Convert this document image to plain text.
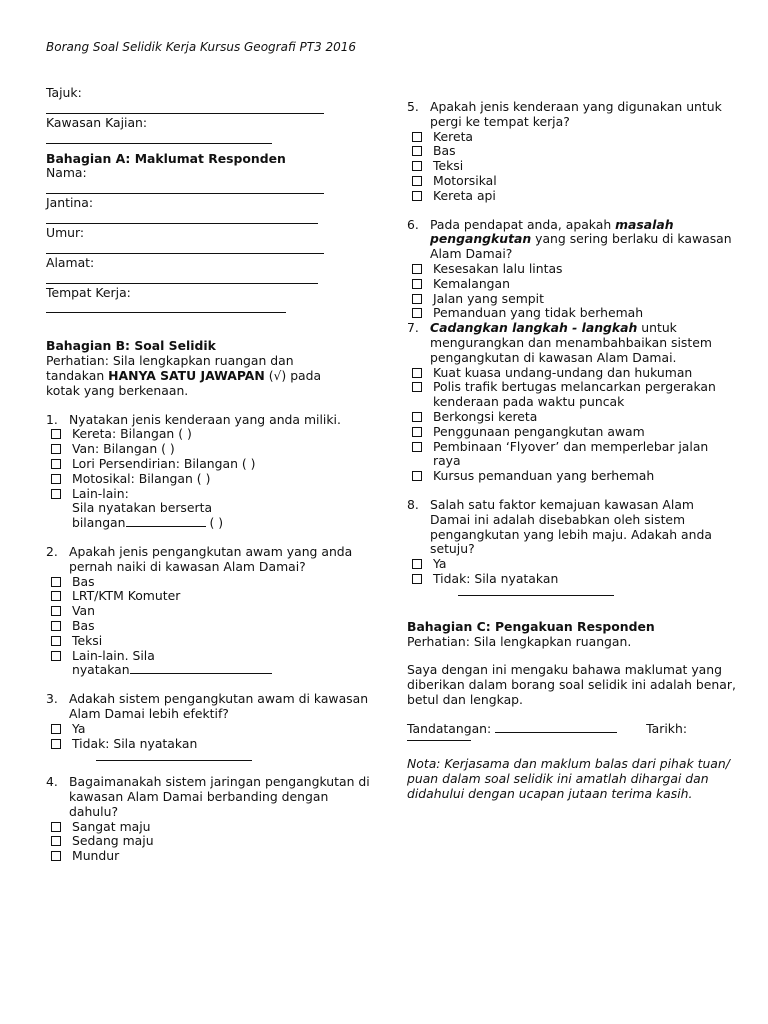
Borang Soal Selidik Kerja Kursus Geografi PT3 2016
Tajuk:
Kawasan Kajian:
Bahagian A: Maklumat Responden
Nama:
Jantina:
Umur:
Alamat:
Tempat Kerja:
Bahagian B: Soal Selidik
Perhatian: Sila lengkapkan ruangan dan
tandakan HANYA SATU JAWAPAN (√) pada
kotak yang berkenaan.
1. Nyatakan jenis kenderaan yang anda miliki.
Kereta: Bilangan ( )
Van: Bilangan ( )
Lori Persendirian: Bilangan ( )
Motosikal: Bilangan ( )
Lain-lain:
Sila nyatakan berserta
bilangan	( )
2. Apakah jenis pengangkutan awam yang anda pernah naiki di kawasan Alam Damai?
Bas
LRT/KTM Komuter
Van
Bas
Teksi
Lain-lain. Sila
nyatakan
3. Adakah sistem pengangkutan awam di kawasan Alam Damai lebih efektif?
Ya
Tidak: Sila nyatakan
4. Bagaimanakah sistem jaringan pengangkutan di kawasan Alam Damai berbanding dengan dahulu?
Sangat maju
Sedang maju
Mundur
5. Apakah jenis kenderaan yang digunakan untuk pergi ke tempat kerja?
Kereta
Bas
Teksi
Motorsikal
Kereta api
6. Pada pendapat anda, apakah masalah pengangkutan yang sering berlaku di kawasan Alam Damai?
Kesesakan lalu lintas
Kemalangan
Jalan yang sempit
Pemanduan yang tidak berhemah
7. Cadangkan langkah - langkah untuk mengurangkan dan menambahbaikan sistem pengangkutan di kawasan Alam Damai.
Kuat kuasa undang-undang dan hukuman
Polis trafik bertugas melancarkan pergerakan kenderaan pada waktu puncak
Berkongsi kereta
Penggunaan pengangkutan awam
Pembinaan ‘Flyover’ dan memperlebar jalan raya
Kursus pemanduan yang berhemah
8. Salah satu faktor kemajuan kawasan Alam Damai ini adalah disebabkan oleh sistem pengangkutan yang lebih maju. Adakah anda setuju?
Ya
Tidak: Sila nyatakan
Bahagian C: Pengakuan Responden
Perhatian: Sila lengkapkan ruangan.
Saya dengan ini mengaku bahawa maklumat yang diberikan dalam borang soal selidik ini adalah benar, betul dan lengkap.
Tandatangan:	Tarikh:
Nota: Kerjasama dan maklum balas dari pihak tuan/ puan dalam soal selidik ini amatlah dihargai dan didahului dengan ucapan jutaan terima kasih.
